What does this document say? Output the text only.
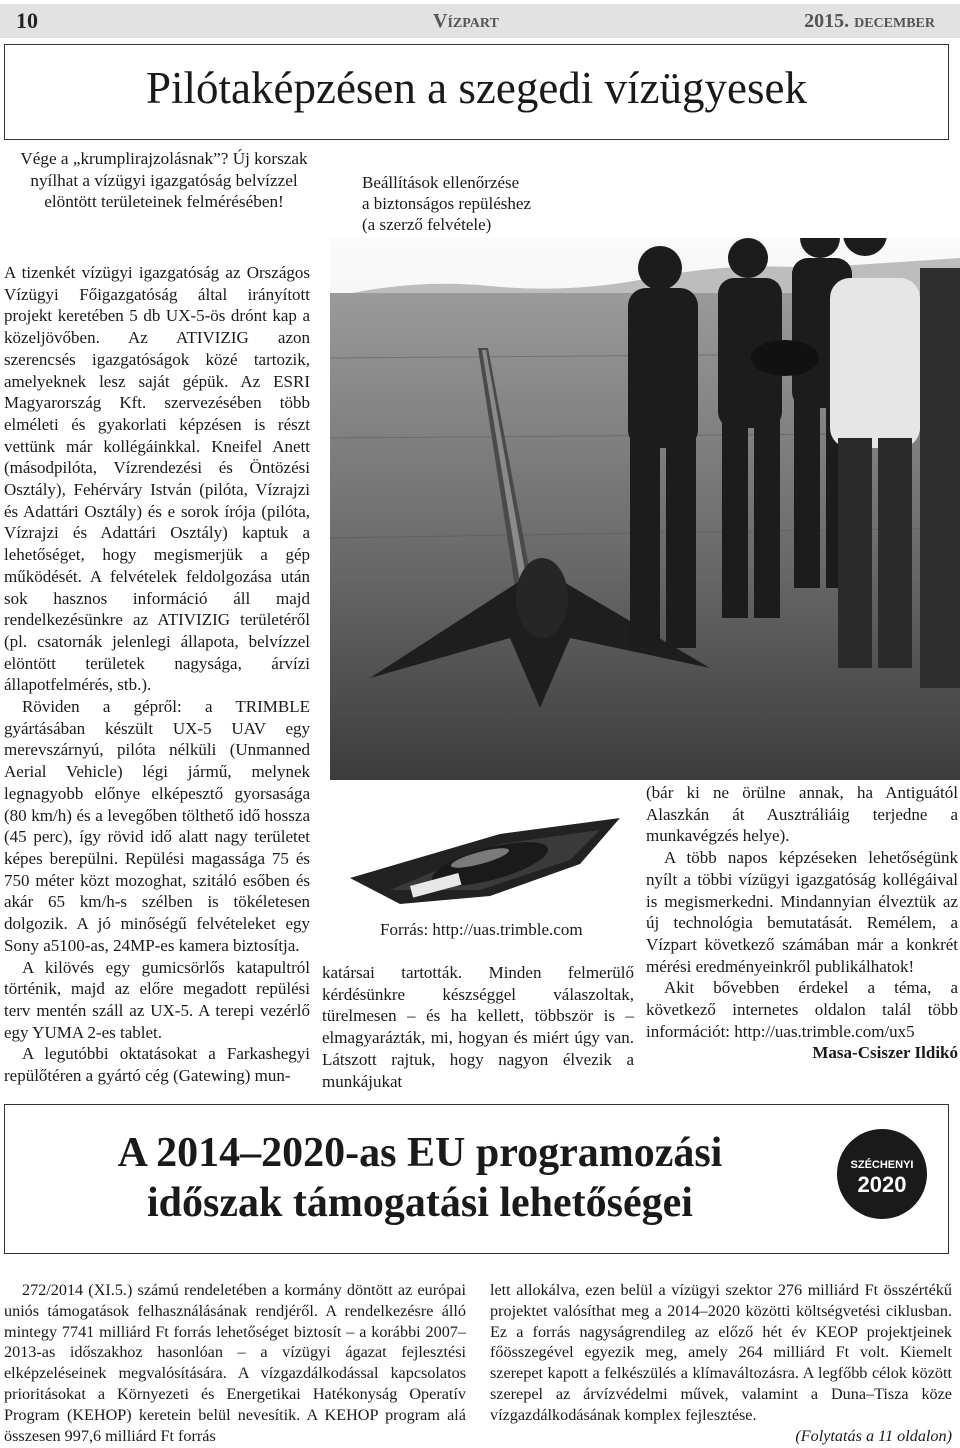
10	Vízpart	2015. december
Pilótaképzésen a szegedi vízügyesek
Vége a „krumplirajzolásnak”? Új korszak nyílhat a vízügyi igazgatóság belvízzel elöntött területeinek felmérésében!
Beállítások ellenőrzése
a biztonságos repüléshez
(a szerző felvétele)
Forrás: http://uas.trimble.com

A tizenkét vízügyi igazgatóság az Országos Vízügyi Főigazgatóság által irányított projekt keretében 5 db UX-5-ös drónt kap a közeljövőben. Az ATIVIZIG azon szerencsés igazgatóságok közé tartozik, amelyeknek lesz saját gépük. Az ESRI Magyarország Kft. szervezésében több elméleti és gyakorlati képzésen is részt vettünk már kollégáinkkal. Kneifel Anett (másodpilóta, Vízrendezési és Öntözési Osztály), Fehérváry István (pilóta, Vízrajzi és Adattári Osztály) és e sorok írója (pilóta, Vízrajzi és Adattári Osztály) kaptuk a lehetőséget, hogy megismerjük a gép működését. A felvételek feldolgozása után sok hasznos információ áll majd rendelkezésünkre az ATIVIZIG területéről (pl. csatornák jelenlegi állapota, belvízzel elöntött területek nagysága, árvízi állapotfelmérés, stb.).

Röviden a gépről: a TRIMBLE gyártásában készült UX-5 UAV egy merevszárnyú, pilóta nélküli (Unmanned Aerial Vehicle) légi jármű, melynek legnagyobb előnye elképesztő gyorsasága (80 km/h) és a levegőben tölthető idő hossza (45 perc), így rövid idő alatt nagy területet képes berepülni. Repülési magassága 75 és 750 méter közt mozoghat, szitáló esőben és akár 65 km/h-s szélben is tökéletesen dolgozik. A jó minőségű felvételeket egy Sony a5100-as, 24MP-es kamera biztosítja.

A kilövés egy gumicsörlős katapultról történik, majd az előre megadott repülési terv mentén száll az UX-5. A terepi vezérlő egy YUMA 2-es tablet.

A legutóbbi oktatásokat a Farkashegyi repülőtéren a gyártó cég (Gatewing) mun-

katársai tartották. Minden felmerülő kérdésünkre készséggel válaszoltak, türelmesen – és ha kellett, többször is – elmagyarázták, mi, hogyan és miért úgy van. Látszott rajtuk, hogy nagyon élvezik a munkájukat

(bár ki ne örülne annak, ha Antiguától Alaszkán át Ausztráliáig terjedne a munkavégzés helye).

A több napos képzéseken lehetőségünk nyílt a többi vízügyi igazgatóság kollégáival is megismerkedni. Mindannyian élveztük az új technológia bemutatását. Remélem, a Vízpart következő számában már a konkrét mérési eredményeinkről publikálhatok!

Akit bővebben érdekel a téma, a következő internetes oldalon talál több információt: http://uas.trimble.com/ux5

Masa-Csiszer Ildikó

A 2014–2020-as EU programozási
időszak támogatási lehetőségei
SZÉCHENYI
2020

272/2014 (XI.5.) számú rendeletében a kormány döntött az európai uniós támogatások felhasználásának rendjéről. A rendelkezésre álló mintegy 7741 milliárd Ft forrás lehetőséget biztosít – a korábbi 2007–2013-as időszakhoz hasonlóan – a vízügyi ágazat fejlesztési elképzeléseinek megvalósítására. A vízgazdálkodással kapcsolatos prioritásokat a Környezeti és Energetikai Hatékonyság Operatív Program (KEHOP) keretein belül nevesítik. A KEHOP program alá összesen 997,6 milliárd Ft forrás

lett allokálva, ezen belül a vízügyi szektor 276 milliárd Ft összértékű projektet valósíthat meg a 2014–2020 közötti költségvetési ciklusban. Ez a forrás nagyságrendileg az előző hét év KEOP projektjeinek főösszegével egyezik meg, amely 264 milliárd Ft volt. Kiemelt szerepet kapott a felkészülés a klímaváltozásra. A legfőbb célok között szerepel az árvízvédelmi művek, valamint a Duna–Tisza köze vízgazdálkodásának komplex fejlesztése.

(Folytatás a 11 oldalon)
